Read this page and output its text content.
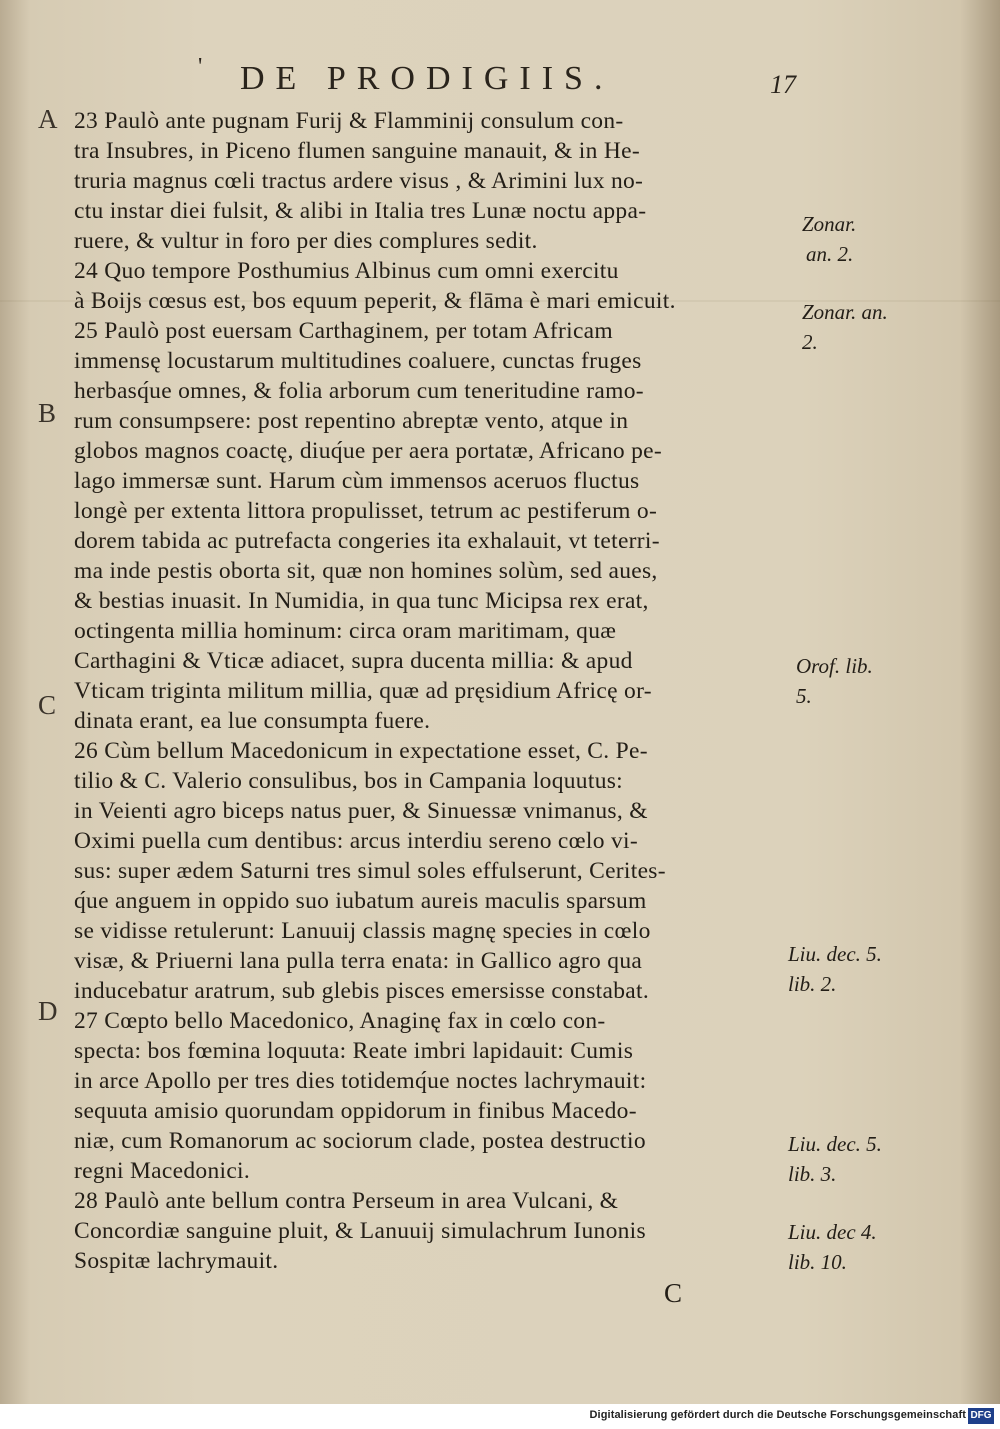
' DE PRODIGIIS.	17
A
B
C
D
23 Paulò ante pugnam Furij & Flamminij consulum con-
tra Insubres, in Piceno flumen sanguine manauit, & in He-
truria magnus cœli tractus ardere visus , & Arimini lux no-
ctu instar diei fulsit, & alibi in Italia tres Lunæ noctu appa-
ruere, & vultur in foro per dies complures sedit.
24 Quo tempore Posthumius Albinus cum omni exercitu
à Boijs cœsus est, bos equum peperit, & flāma è mari emicuit.
25 Paulò post euersam Carthaginem, per totam Africam
immensę locustarum multitudines coaluere, cunctas fruges
herbasq́ue omnes, & folia arborum cum teneritudine ramo-
rum consumpsere: post repentino abreptæ vento, atque in
globos magnos coactę, diuq́ue per aera portatæ, Africano pe-
lago immersæ sunt. Harum cùm immensos aceruos fluctus
longè per extenta littora propulisset, tetrum ac pestiferum o-
dorem tabida ac putrefacta congeries ita exhalauit, vt teterri-
ma inde pestis oborta sit, quæ non homines solùm, sed aues,
& bestias inuasit. In Numidia, in qua tunc Micipsa rex erat,
octingenta millia hominum: circa oram maritimam, quæ
Carthagini & Vticæ adiacet, supra ducenta millia: & apud
Vticam triginta militum millia, quæ ad pręsidium Africę or-
dinata erant, ea lue consumpta fuere.
26 Cùm bellum Macedonicum in expectatione esset, C. Pe-
tilio & C. Valerio consulibus, bos in Campania loquutus:
in Veienti agro biceps natus puer, & Sinuessæ vnimanus, &
Oximi puella cum dentibus: arcus interdiu sereno cœlo vi-
sus: super ædem Saturni tres simul soles effulserunt, Cerites-
q́ue anguem in oppido suo iubatum aureis maculis sparsum
se vidisse retulerunt: Lanuuij classis magnę species in cœlo
visæ, & Priuerni lana pulla terra enata: in Gallico agro qua
inducebatur aratrum, sub glebis pisces emersisse constabat.
27 Cœpto bello Macedonico, Anaginę fax in cœlo con-
specta: bos fœmina loquuta: Reate imbri lapidauit: Cumis
in arce Apollo per tres dies totidemq́ue noctes lachrymauit:
sequuta amisio quorundam oppidorum in finibus Macedo-
niæ, cum Romanorum ac sociorum clade, postea destructio
regni Macedonici.
28 Paulò ante bellum contra Perseum in area Vulcani, &
Concordiæ sanguine pluit, & Lanuuij simulachrum Iunonis
Sospitæ lachrymauit.
Zonar.
an. 2.
Zonar. an.
2.
Orof. lib.
5.
Liu. dec. 5.
lib. 2.
Liu. dec. 5.
lib. 3.
Liu. dec 4.
lib. 10.
C
Digitalisierung gefördert durch die Deutsche Forschungsgemeinschaft DFG
